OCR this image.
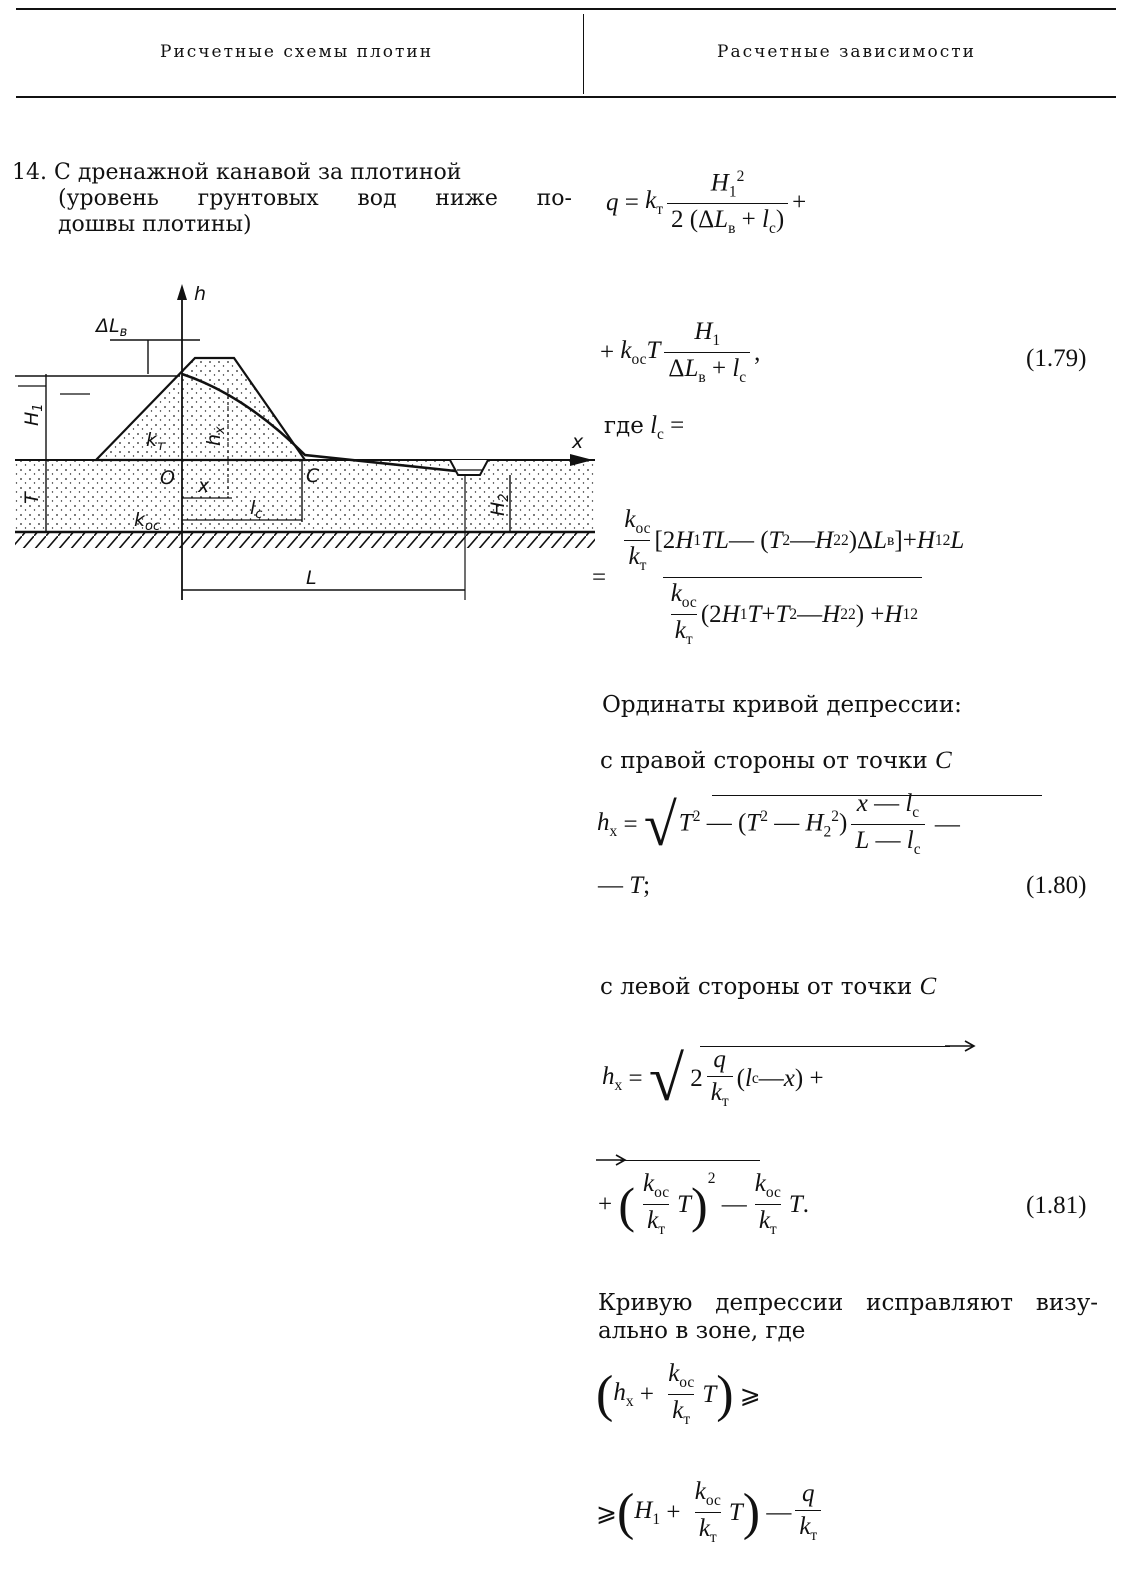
Рисчетные схемы плотин	Расчетные зависимости
14. С дренажной канавой за плотиной
(уровень грунтовых вод ниже по-
дошвы плотины)
h
$\Delta L_в$
$H_1$
$k_т$ $h_x$
x
O x	C
T
$H_2$
$k_{ос}$
$l_c$
L
$q = k_т \frac{H_1^2}{2 (\Delta L_в + l_c)}$ +
+ $k_{ос}T \frac{H_1}{\Delta L_в + l_c}$ ,	(1.79)
где $l_c$ =
= $\frac{\frac{k_{ос}}{k_т} [2 H 1 TL — ( T 2 — H 2 2 )\Delta L в ]+ H 1 2 L}{\frac{k_{ос}}{k_т} (2 H 1 T + T 2 — H 2 2 ) + H 1 2}$
Ординаты кривой депрессии:
с правой стороны от точки C
$h_x$ = √ $T^2$ — ($T^2$ — $H_2^2) \frac{x — l_c}{L — l_c}$ —
— T;	(1.80)
с левой стороны от точки C
$h_x$ = √ $2 \frac{q}{k_т}$ ( l c — x ) +
+ ( $\frac{k_{ос}}{k_т}$ T )$^2$
— $\frac{k_{ос}}{k_т}$ T .	(1.81)
Кривую депрессии исправляют визу-
ально в зоне, где
( $h_x + \frac{k_{ос}}{k_т}$ T ) ⩾
⩾ ( $H_1 + \frac{k_{ос}}{k_т}$ T ) — $\frac{q}{k_т}$
